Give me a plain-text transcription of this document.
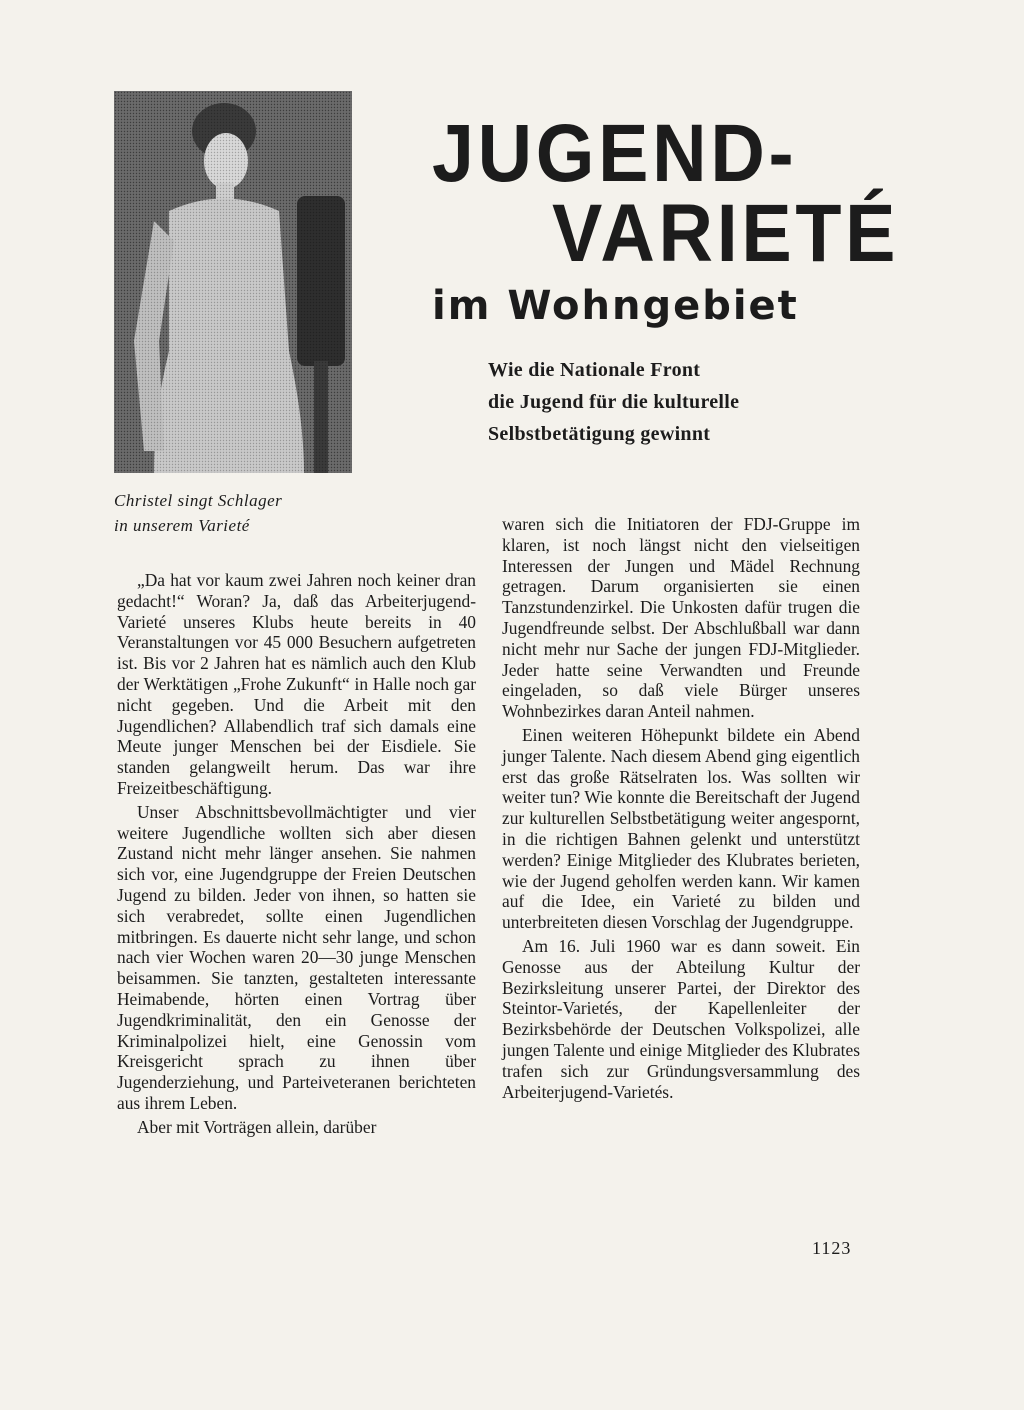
Christel singt Schlager
in unserem Varieté
JUGEND-
VARIETÉ
im Wohngebiet
Wie die Nationale Front
die Jugend für die kulturelle
Selbstbetätigung gewinnt

„Da hat vor kaum zwei Jahren noch keiner dran gedacht!“ Woran? Ja, daß das Arbeiterjugend-Varieté unseres Klubs heute bereits in 40 Veranstaltungen vor 45 000 Besuchern aufgetreten ist. Bis vor 2 Jahren hat es nämlich auch den Klub der Werktätigen „Frohe Zukunft“ in Halle noch gar nicht gegeben. Und die Arbeit mit den Jugendlichen? Allabendlich traf sich damals eine Meute junger Menschen bei der Eisdiele. Sie standen gelangweilt herum. Das war ihre Freizeitbeschäftigung.

Unser Abschnittsbevollmächtigter und vier weitere Jugendliche wollten sich aber diesen Zustand nicht mehr länger ansehen. Sie nahmen sich vor, eine Jugendgruppe der Freien Deutschen Jugend zu bilden. Jeder von ihnen, so hatten sie sich verabredet, sollte einen Jugendlichen mitbringen. Es dauerte nicht sehr lange, und schon nach vier Wochen waren 20—30 junge Menschen beisammen. Sie tanzten, gestalteten interessante Heimabende, hörten einen Vortrag über Jugendkriminalität, den ein Genosse der Kriminalpolizei hielt, eine Genossin vom Kreisgericht sprach zu ihnen über Jugenderziehung, und Parteiveteranen berichteten aus ihrem Leben.

Aber mit Vorträgen allein, darüber

waren sich die Initiatoren der FDJ-Gruppe im klaren, ist noch längst nicht den vielseitigen Interessen der Jungen und Mädel Rechnung getragen. Darum organisierten sie einen Tanzstundenzirkel. Die Unkosten dafür trugen die Jugendfreunde selbst. Der Abschlußball war dann nicht mehr nur Sache der jungen FDJ-Mitglieder. Jeder hatte seine Verwandten und Freunde eingeladen, so daß viele Bürger unseres Wohnbezirkes daran Anteil nahmen.

Einen weiteren Höhepunkt bildete ein Abend junger Talente. Nach diesem Abend ging eigentlich erst das große Rätselraten los. Was sollten wir weiter tun? Wie konnte die Bereitschaft der Jugend zur kulturellen Selbstbetätigung weiter angespornt, in die richtigen Bahnen gelenkt und unterstützt werden? Einige Mitglieder des Klubrates berieten, wie der Jugend geholfen werden kann. Wir kamen auf die Idee, ein Varieté zu bilden und unterbreiteten diesen Vorschlag der Jugendgruppe.

Am 16. Juli 1960 war es dann soweit. Ein Genosse aus der Abteilung Kultur der Bezirksleitung unserer Partei, der Direktor des Steintor-Varietés, der Kapellenleiter der Bezirksbehörde der Deutschen Volkspolizei, alle jungen Talente und einige Mitglieder des Klubrates trafen sich zur Gründungsversammlung des Arbeiterjugend-Varietés.

1123
